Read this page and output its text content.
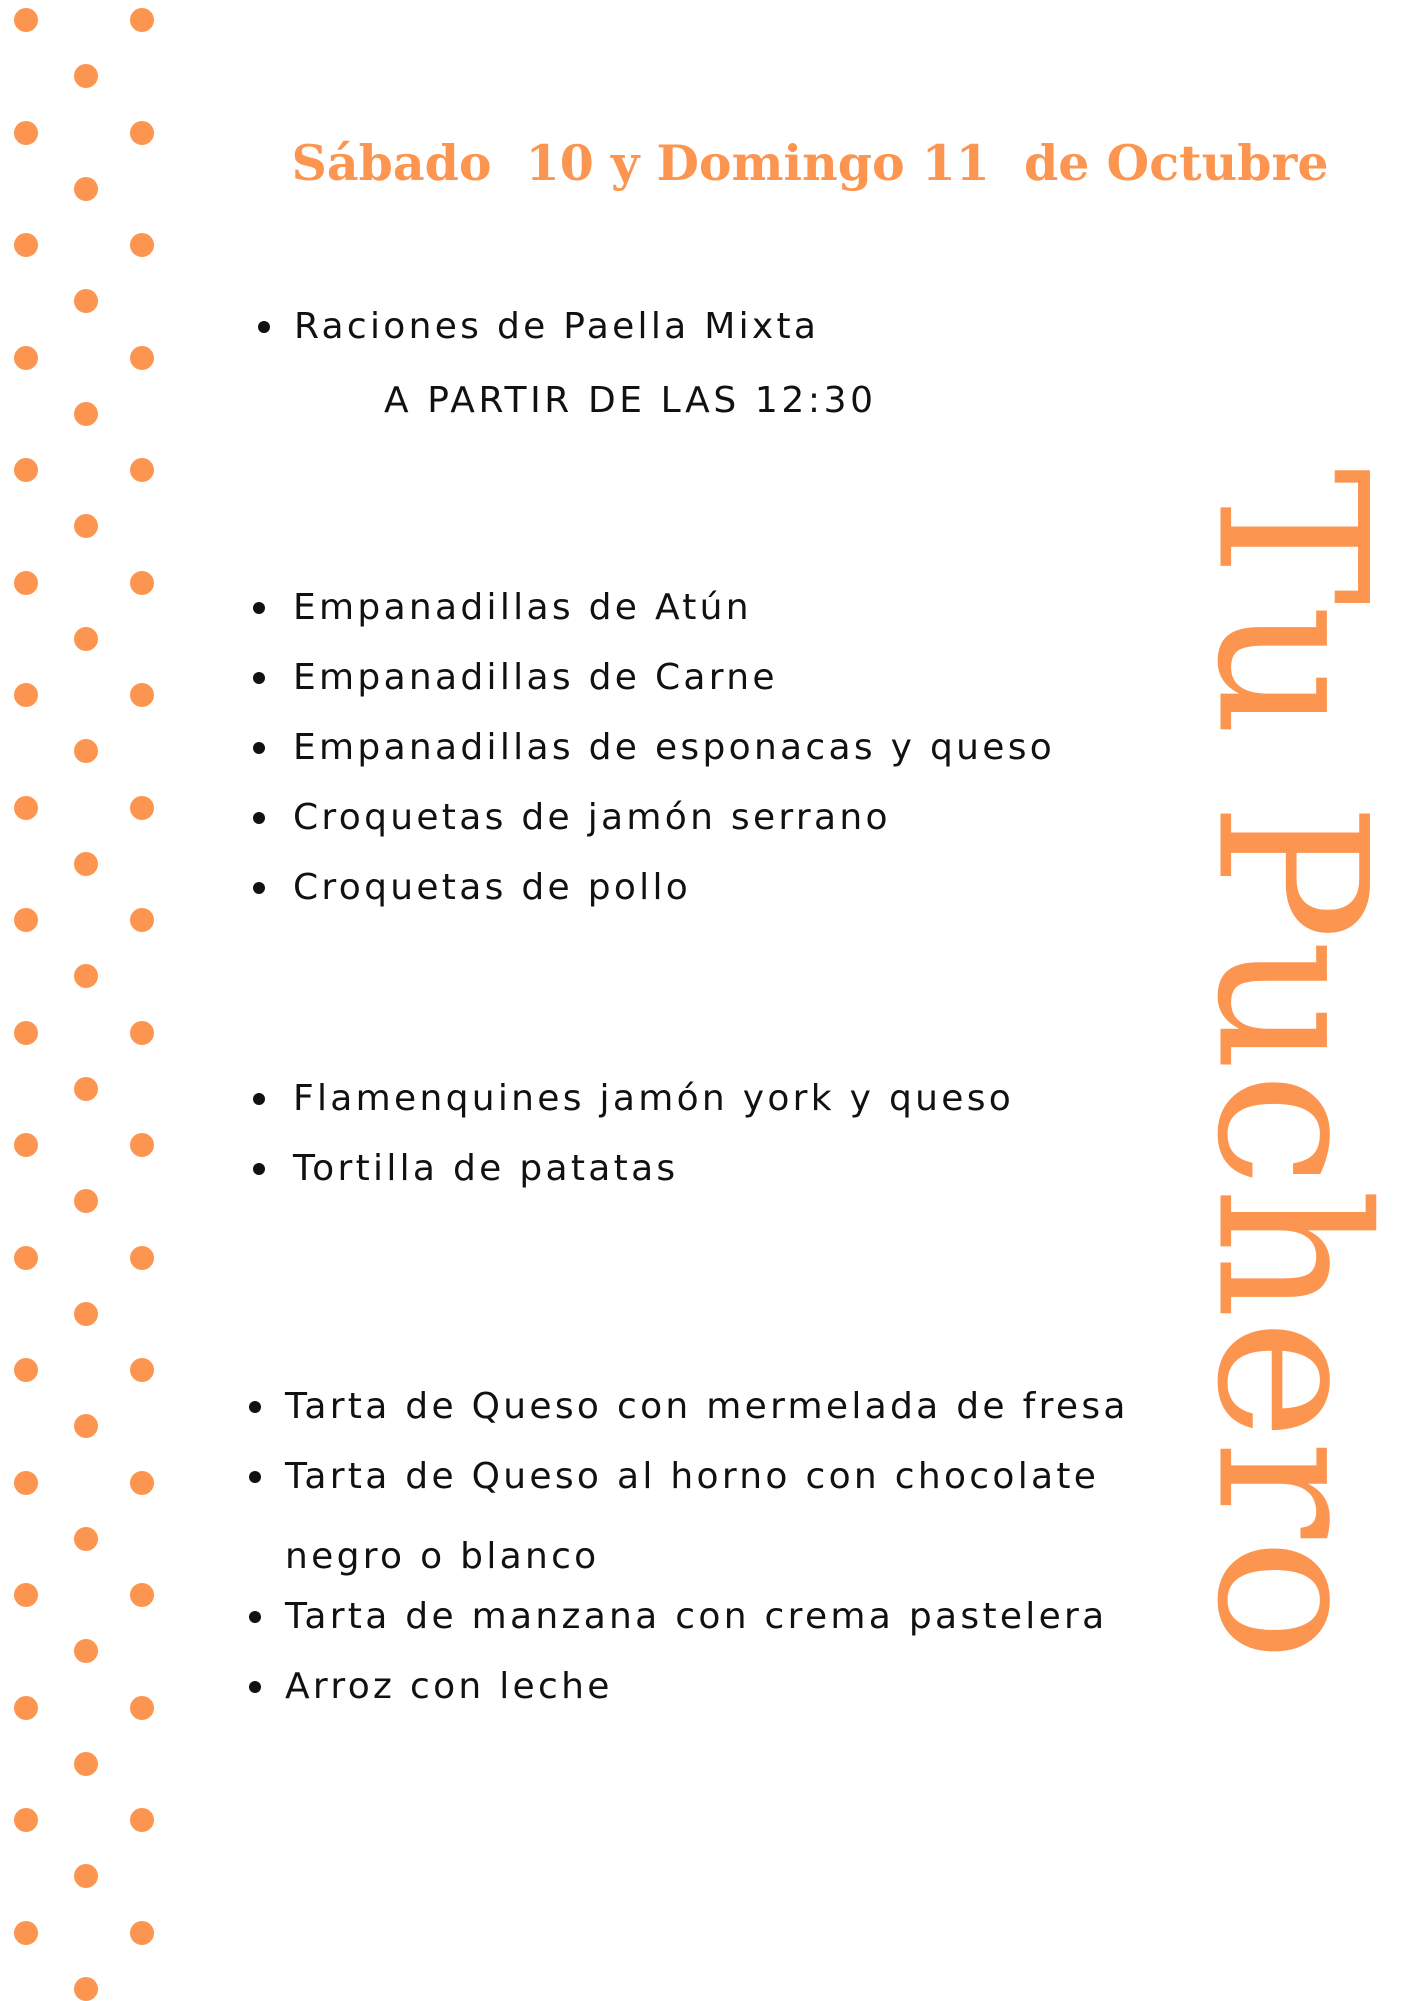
Sábado  10 y Domingo 11  de Octubre
Raciones de Paella Mixta
A PARTIR DE LAS 12:30
Empanadillas de Atún
Empanadillas de Carne
Empanadillas de esponacas y queso
Croquetas de jamón serrano
Croquetas de pollo
Flamenquines jamón york y queso
Tortilla de patatas
Tarta de Queso con mermelada de fresa
Tarta de Queso al horno con chocolate
Tarta de manzana con crema pastelera
Arroz con leche
negro o blanco	Tu Puchero
